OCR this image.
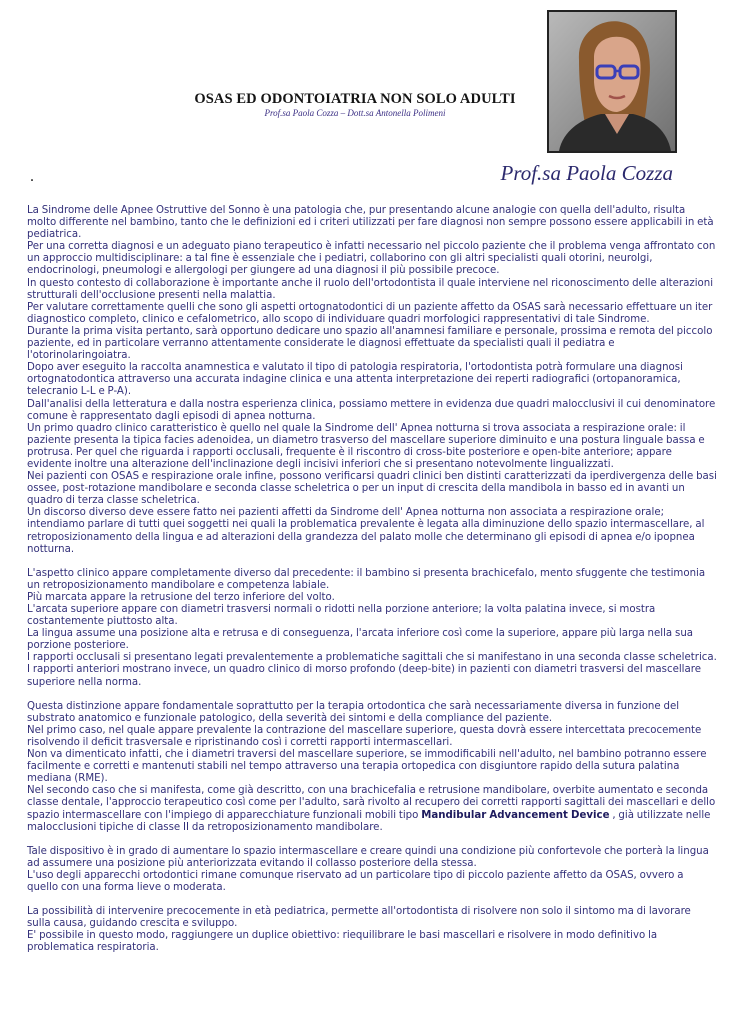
OSAS ED ODONTOIATRIA NON SOLO ADULTI
Prof.sa Paola Cozza – Dott.sa Antonella Polimeni
.	Prof.sa Paola Cozza

La Sindrome delle Apnee Ostruttive del Sonno è una patologia che, pur presentando alcune analogie con quella dell'adulto, risulta molto differente nel bambino, tanto che le definizioni ed i criteri utilizzati per fare diagnosi non sempre possono essere applicabili in età pediatrica.

Per una corretta diagnosi e un adeguato piano terapeutico è infatti necessario nel piccolo paziente che il problema venga affrontato con un approccio multidisciplinare: a tal fine è essenziale che i pediatri, collaborino con gli altri specialisti quali otorini, neurolgi, endocrinologi, pneumologi e allergologi per giungere ad una diagnosi il più possibile precoce.

In questo contesto di collaborazione è importante anche il ruolo dell'ortodontista il quale interviene nel riconoscimento delle alterazioni strutturali dell'occlusione presenti nella malattia.

Per valutare correttamente quelli che sono gli aspetti ortognatodontici di un paziente affetto da OSAS sarà necessario effettuare un iter diagnostico completo, clinico e cefalometrico, allo scopo di individuare quadri morfologici rappresentativi di tale Sindrome.

Durante la prima visita pertanto, sarà opportuno dedicare uno spazio all'anamnesi familiare e personale, prossima e remota del piccolo paziente, ed in particolare verranno attentamente considerate le diagnosi effettuate da specialisti quali il pediatra e l'otorinolaringoiatra.

Dopo aver eseguito la raccolta anamnestica e valutato il tipo di patologia respiratoria, l'ortodontista potrà formulare una diagnosi ortognatodontica attraverso una accurata indagine clinica e una attenta interpretazione dei reperti radiografici (ortopanoramica, telecranio L-L e P-A).

Dall'analisi della letteratura e dalla nostra esperienza clinica, possiamo mettere in evidenza due quadri malocclusivi il cui denominatore comune è rappresentato dagli episodi di apnea notturna.

Un primo quadro clinico caratteristico è quello nel quale la Sindrome dell' Apnea notturna si trova associata a respirazione orale: il paziente presenta la tipica facies adenoidea, un diametro trasverso del mascellare superiore diminuito e una postura linguale bassa e protrusa. Per quel che riguarda i rapporti occlusali, frequente è il riscontro di cross-bite posteriore e open-bite anteriore; appare evidente inoltre una alterazione dell'inclinazione degli incisivi inferiori che si presentano notevolmente lingualizzati.

Nei pazienti con OSAS e respirazione orale infine, possono verificarsi quadri clinici ben distinti caratterizzati da iperdivergenza delle basi ossee, post-rotazione mandibolare e seconda classe scheletrica o per un input di crescita della mandibola in basso ed in avanti un quadro di terza classe scheletrica.

Un discorso diverso deve essere fatto nei pazienti affetti da Sindrome dell' Apnea notturna non associata a respirazione orale; intendiamo parlare di tutti quei soggetti nei quali la problematica prevalente è legata alla diminuzione dello spazio intermascellare, al retroposizionamento della lingua e ad alterazioni della grandezza del palato molle che determinano gli episodi di apnea e/o ipopnea notturna.

L'aspetto clinico appare completamente diverso dal precedente: il bambino si presenta brachicefalo, mento sfuggente che testimonia un retroposizionamento mandibolare e competenza labiale.

Più marcata appare la retrusione del terzo inferiore del volto.

L'arcata superiore appare con diametri trasversi normali o ridotti nella porzione anteriore; la volta palatina invece, si mostra costantemente piuttosto alta.

La lingua assume una posizione alta e retrusa e di conseguenza, l'arcata inferiore così come la superiore, appare più larga nella sua porzione posteriore.

I rapporti occlusali si presentano legati prevalentemente a problematiche sagittali che si manifestano in una seconda classe scheletrica.

I rapporti anteriori mostrano invece, un quadro clinico di morso profondo (deep-bite) in pazienti con diametri trasversi del mascellare superiore nella norma.

Questa distinzione appare fondamentale soprattutto per la terapia ortodontica che sarà necessariamente diversa in funzione del substrato anatomico e funzionale patologico, della severità dei sintomi e della compliance del paziente.

Nel primo caso, nel quale appare prevalente la contrazione del mascellare superiore, questa dovrà essere intercettata precocemente risolvendo il deficit trasversale e ripristinando così i corretti rapporti intermascellari.

Non va dimenticato infatti, che i diametri traversi del mascellare superiore, se immodificabili nell'adulto, nel bambino potranno essere facilmente e corretti e mantenuti stabili nel tempo attraverso una terapia ortopedica con disgiuntore rapido della sutura palatina mediana (RME).

Nel secondo caso che si manifesta, come già descritto, con una brachicefalia e retrusione mandibolare, overbite aumentato e seconda classe dentale, l'approccio terapeutico così come per l'adulto, sarà rivolto al recupero dei corretti rapporti sagittali dei mascellari e dello spazio intermascellare con l'impiego di apparecchiature funzionali mobili tipo Mandibular Advancement Device , già utilizzate nelle malocclusioni tipiche di classe II da retroposizionamento mandibolare.

Tale dispositivo è in grado di aumentare lo spazio intermascellare e creare quindi una condizione più confortevole che porterà la lingua ad assumere una posizione più anteriorizzata evitando il collasso posteriore della stessa.

L'uso degli apparecchi ortodontici rimane comunque riservato ad un particolare tipo di piccolo paziente affetto da OSAS, ovvero a quello con una forma lieve o moderata.

La possibilità di intervenire precocemente in età pediatrica, permette all'ortodontista di risolvere non solo il sintomo ma di lavorare sulla causa, guidando crescita e sviluppo.

E' possibile in questo modo, raggiungere un duplice obiettivo: riequilibrare le basi mascellari e risolvere in modo definitivo la problematica respiratoria.
